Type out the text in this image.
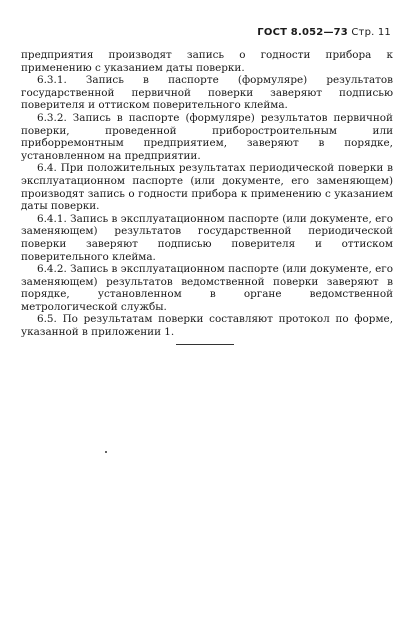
ГОСТ 8.052—73 Стр. 11

предприятия производят запись о годности прибора к применению с указанием даты поверки.

6.3.1. Запись в паспорте (формуляре) результатов государственной первичной поверки заверяют подписью поверителя и оттиском поверительного клейма.

6.3.2. Запись в паспорте (формуляре) результатов первичной поверки, проведенной приборостроительным или приборремонтным предприятием, заверяют в порядке, установленном на предприятии.

6.4. При положительных результатах периодической поверки в эксплуатационном паспорте (или документе, его заменяющем) производят запись о годности прибора к применению с указанием даты поверки.

6.4.1. Запись в эксплуатационном паспорте (или документе, его заменяющем) результатов государственной периодической поверки заверяют подписью поверителя и оттиском поверительного клейма.

6.4.2. Запись в эксплуатационном паспорте (или документе, его заменяющем) результатов ведомственной поверки заверяют в порядке, установленном в органе ведомственной метрологической службы.

6.5. По результатам поверки составляют протокол по форме, указанной в приложении 1.
